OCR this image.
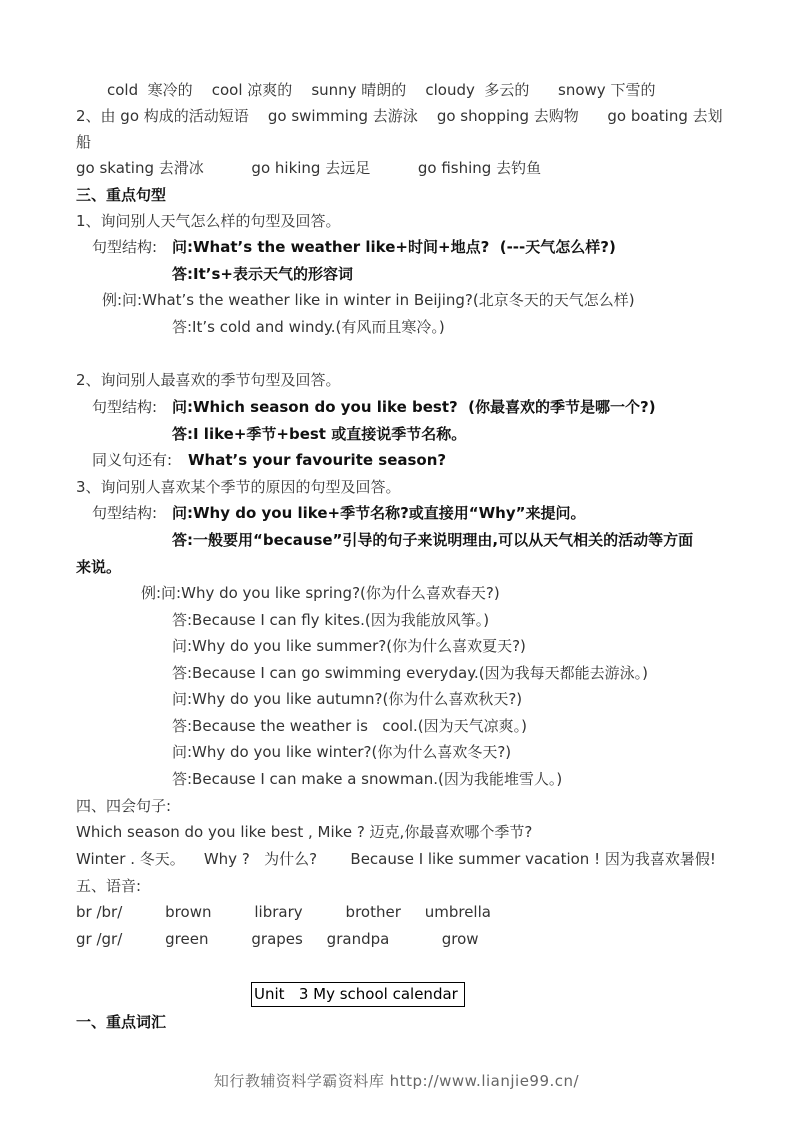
cold  寒冷的    cool 凉爽的    sunny 晴朗的    cloudy  多云的      snowy 下雪的
2、由 go 构成的活动短语    go swimming 去游泳    go shopping 去购物      go boating 去划
船
go skating 去滑冰          go hiking 去远足          go fishing 去钓鱼
三、重点句型
1、询问别人天气怎么样的句型及回答。
句型结构: 问:What’s the weather like+时间+地点?  (---天气怎么样?)
答:It’s+表示天气的形容词
例:问:What’s the weather like in winter in Beijing?(北京冬天的天气怎么样)
答:It’s cold and windy.(有风而且寒冷。)
2、询问别人最喜欢的季节句型及回答。
句型结构: 问:Which season do you like best?  (你最喜欢的季节是哪一个?)
答:I like+季节+best 或直接说季节名称。
同义句还有: What’s your favourite season?
3、询问别人喜欢某个季节的原因的句型及回答。
句型结构: 问:Why do you like+季节名称?或直接用“Why”来提问。
答:一般要用“because”引导的句子来说明理由,可以从天气相关的活动等方面
来说。
例:问:Why do you like spring?(你为什么喜欢春天?)
答:Because I can fly kites.(因为我能放风筝。)
问:Why do you like summer?(你为什么喜欢夏天?)
答:Because I can go swimming everyday.(因为我每天都能去游泳。)
问:Why do you like autumn?(你为什么喜欢秋天?)
答:Because the weather is   cool.(因为天气凉爽。)
问:Why do you like winter?(你为什么喜欢冬天?)
答:Because I can make a snowman.(因为我能堆雪人。)
四、四会句子:
Which season do you like best , Mike ? 迈克,你最喜欢哪个季节?
Winter . 冬天。    Why ?   为什么?       Because I like summer vacation ! 因为我喜欢暑假!
五、语音:
br /br/         brown         library         brother     umbrella
gr /gr/         green         grapes     grandpa           grow
Unit   3 My school calendar
一、重点词汇
知行教辅资料学霸资料库 http://www.lianjie99.cn/
